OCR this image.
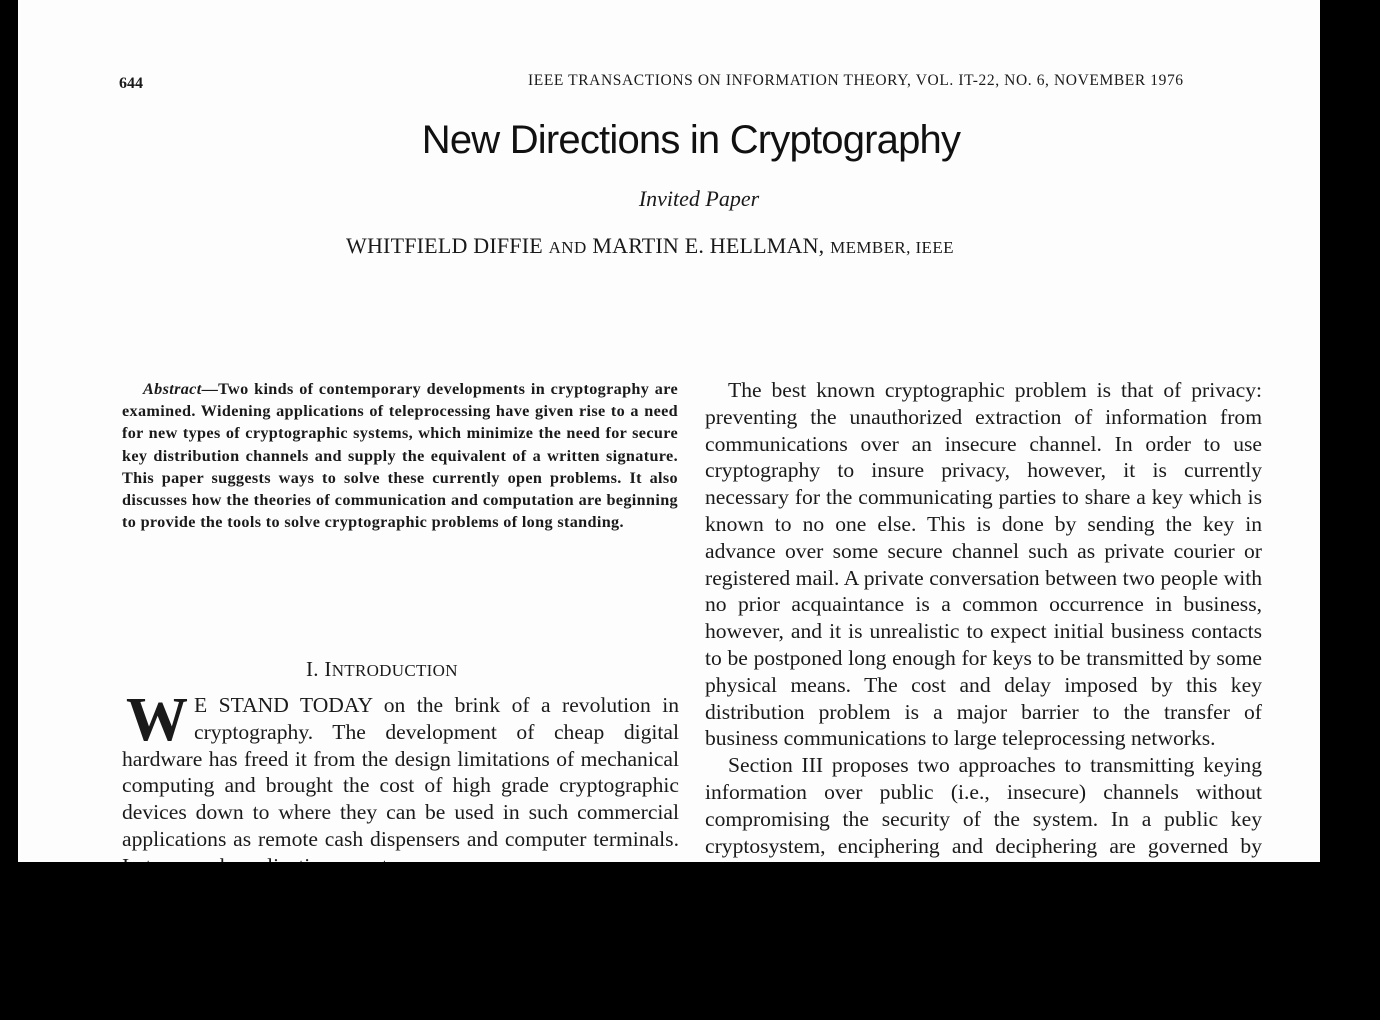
644	IEEE TRANSACTIONS ON INFORMATION THEORY, VOL. IT-22, NO. 6, NOVEMBER 1976
New Directions in Cryptography
Invited Paper
WHITFIELD DIFFIE AND MARTIN E. HELLMAN, MEMBER, IEEE
Abstract—Two kinds of contemporary developments in cryptography are examined. Widening applications of teleprocessing have given rise to a need for new types of cryptographic systems, which minimize the need for secure key distribution channels and supply the equivalent of a written signature. This paper suggests ways to solve these currently open problems. It also discusses how the theories of communication and computation are beginning to provide the tools to solve cryptographic problems of long standing.
I. INTRODUCTION
W E STAND TODAY on the brink of a revolution in cryptography. The development of cheap digital hardware has freed it from the design limitations of mechanical computing and brought the cost of high grade cryptographic devices down to where they can be used in such commercial applications as remote cash dispensers and computer terminals.

The best known cryptographic problem is that of privacy: preventing the unauthorized extraction of information from communications over an insecure channel. In order to use cryptography to insure privacy, however, it is currently necessary for the communicating parties to share a key which is known to no one else. This is done by sending the key in advance over some secure channel such as private courier or registered mail. A private conversation between two people with no prior acquaintance is a common occurrence in business, however, and it is unrealistic to expect initial business contacts to be postponed long enough for keys to be transmitted by some physical means. The cost and delay imposed by this key distribution problem is a major barrier to the transfer of business communications to large teleprocessing networks.

Section III proposes two approaches to transmitting keying information over public (i.e., insecure) channels without compromising the security of the system. In a public key cryptosystem, enciphering and deciphering are governed by
